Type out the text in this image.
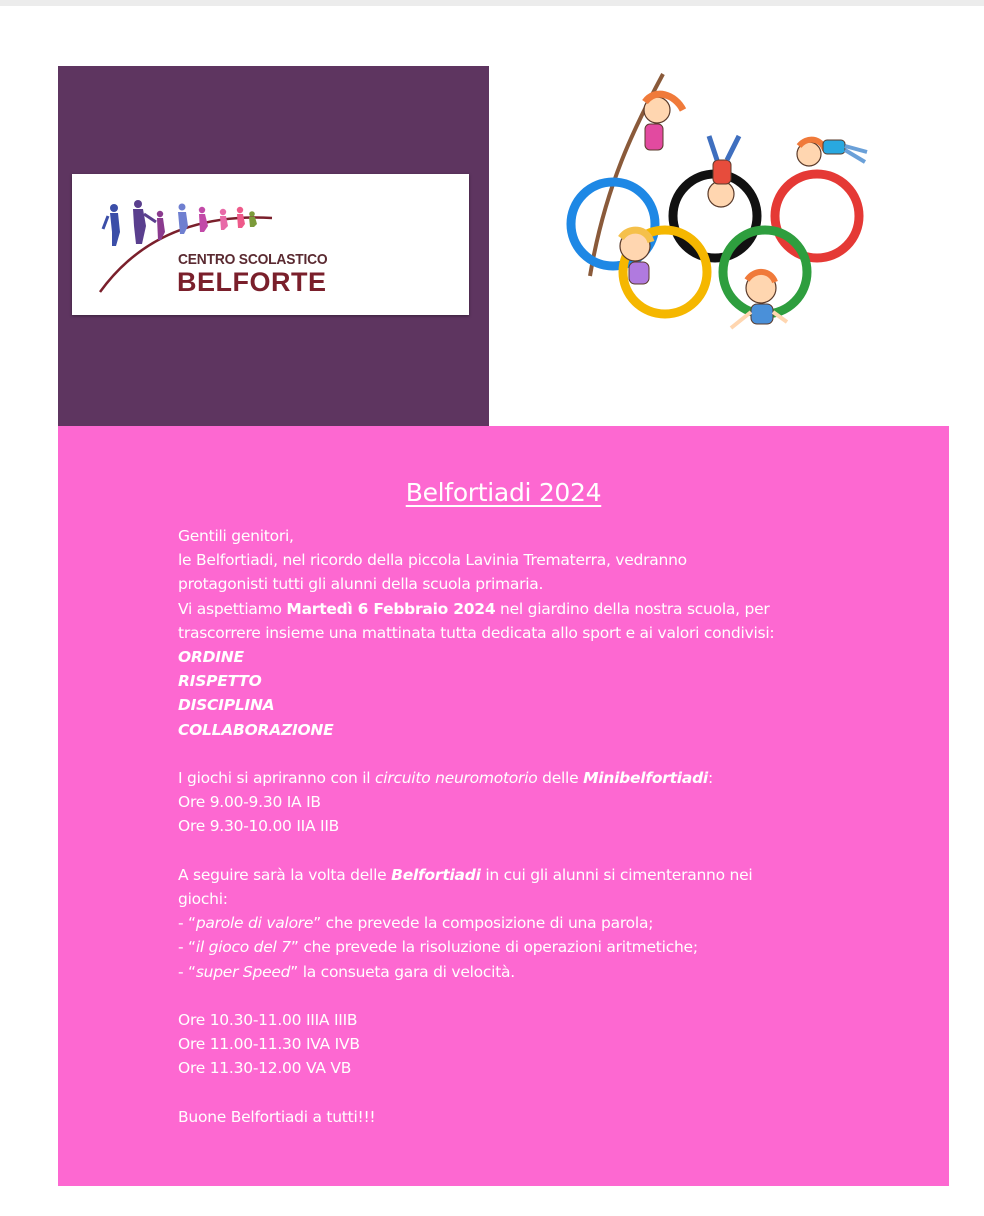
CENTRO SCOLASTICO
BELFORTE
Belfortiadi 2024

Gentili genitori,

le Belfortiadi, nel ricordo della piccola Lavinia Trematerra, vedranno

protagonisti tutti gli alunni della scuola primaria.

Vi aspettiamo Martedì 6 Febbraio 2024 nel giardino della nostra scuola, per

trascorrere insieme una mattinata tutta dedicata allo sport e ai valori condivisi:

ORDINE

RISPETTO

DISCIPLINA

COLLABORAZIONE

I giochi si apriranno con il circuito neuromotorio delle Minibelfortiadi:

Ore 9.00-9.30 IA IB

Ore 9.30-10.00 IIA IIB

A seguire sarà la volta delle Belfortiadi in cui gli alunni si cimenteranno nei

giochi:

- “parole di valore” che prevede la composizione di una parola;

- “il gioco del 7” che prevede la risoluzione di operazioni aritmetiche;

- “super Speed” la consueta gara di velocità.

Ore 10.30-11.00 IIIA IIIB

Ore 11.00-11.30 IVA IVB

Ore 11.30-12.00 VA VB

Buone Belfortiadi a tutti!!!
